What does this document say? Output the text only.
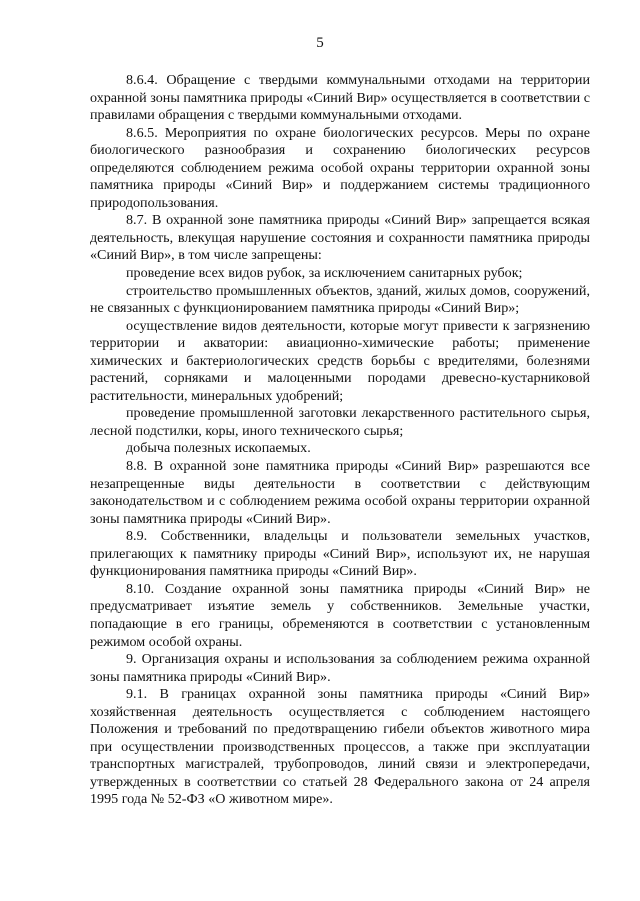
5

8.6.4. Обращение с твердыми коммунальными отходами на территории охранной зоны памятника природы «Синий Вир» осуществляется в соответствии с правилами обращения с твердыми коммунальными отходами.

8.6.5. Мероприятия по охране биологических ресурсов. Меры по охране биологического разнообразия и сохранению биологических ресурсов определяются соблюдением режима особой охраны территории охранной зоны памятника природы «Синий Вир» и поддержанием системы традиционного природопользования.

8.7. В охранной зоне памятника природы «Синий Вир» запрещается всякая деятельность, влекущая нарушение состояния и сохранности памятника природы «Синий Вир», в том числе запрещены:

проведение всех видов рубок, за исключением санитарных рубок;

строительство промышленных объектов, зданий, жилых домов, сооружений, не связанных с функционированием памятника природы «Синий Вир»;

осуществление видов деятельности, которые могут привести к загрязнению территории и акватории: авиационно-химические работы; применение химических и бактериологических средств борьбы с вредителями, болезнями растений, сорняками и малоценными породами древесно-кустарниковой растительности, минеральных удобрений;

проведение промышленной заготовки лекарственного растительного сырья, лесной подстилки, коры, иного технического сырья;

добыча полезных ископаемых.

8.8. В охранной зоне памятника природы «Синий Вир» разрешаются все незапрещенные виды деятельности в соответствии с действующим законодательством и с соблюдением режима особой охраны территории охранной зоны памятника природы «Синий Вир».

8.9. Собственники, владельцы и пользователи земельных участков, прилегающих к памятнику природы «Синий Вир», используют их, не нарушая функционирования памятника природы «Синий Вир».

8.10. Создание охранной зоны памятника природы «Синий Вир» не предусматривает изъятие земель у собственников. Земельные участки, попадающие в его границы, обременяются в соответствии с установленным режимом особой охраны.

9. Организация охраны и использования за соблюдением режима охранной зоны памятника природы «Синий Вир».

9.1. В границах охранной зоны памятника природы «Синий Вир» хозяйственная деятельность осуществляется с соблюдением настоящего Положения и требований по предотвращению гибели объектов животного мира при осуществлении производственных процессов, а также при эксплуатации транспортных магистралей, трубопроводов, линий связи и электропередачи, утвержденных в соответствии со статьей 28 Федерального закона от 24 апреля 1995 года № 52-ФЗ «О животном мире».
